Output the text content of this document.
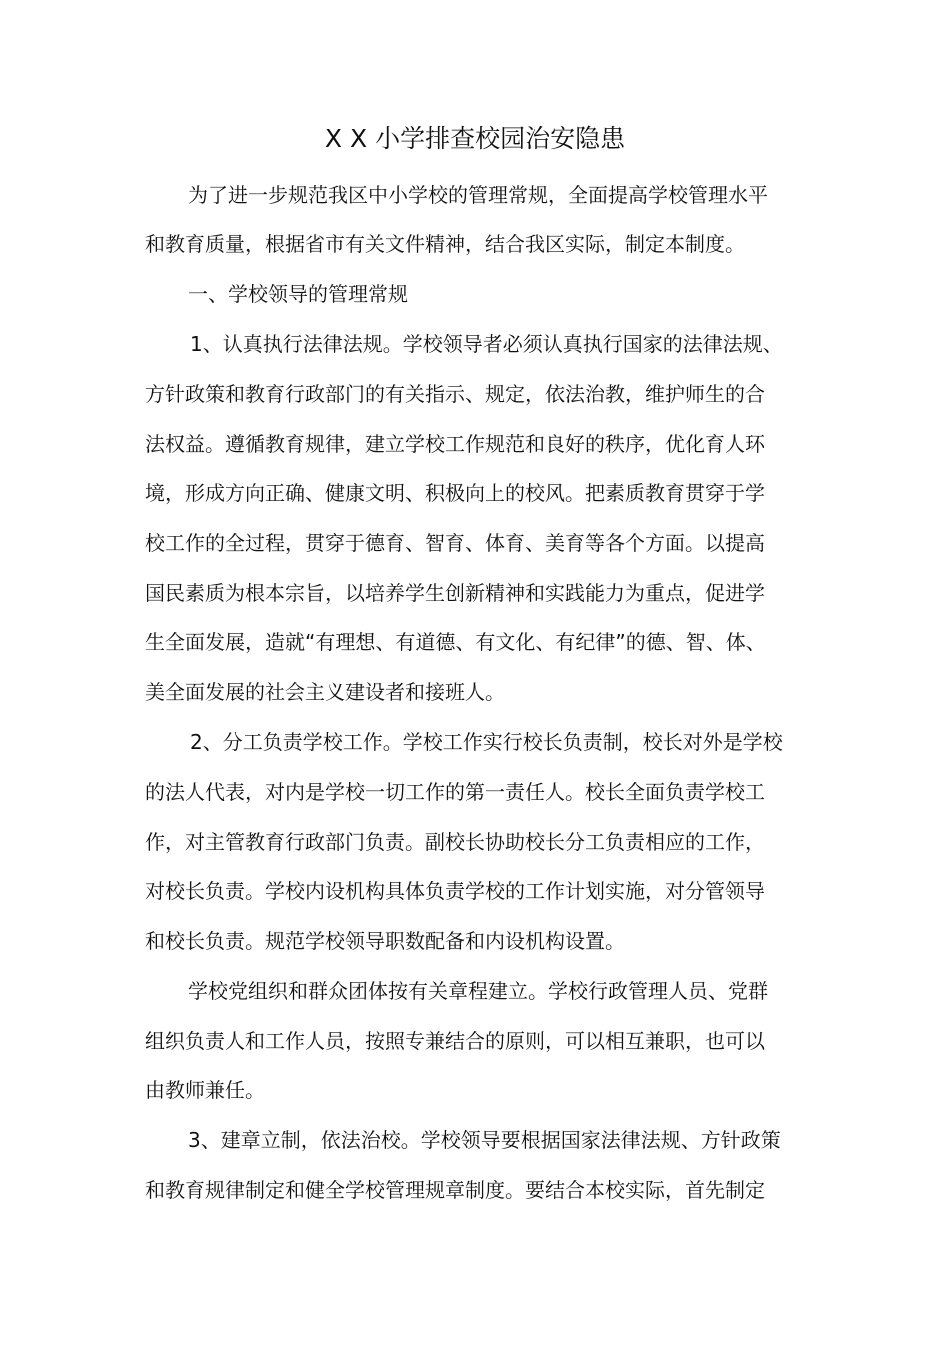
X X 小学排查校园治安隐患
为了进一步规范我区中小学校的管理常规，全面提高学校管理水平
和教育质量，根据省市有关文件精神，结合我区实际，制定本制度。
一、学校领导的管理常规
1、认真执行法律法规。学校领导者必须认真执行国家的法律法规、
方针政策和教育行政部门的有关指示、规定，依法治教，维护师生的合
法权益。遵循教育规律，建立学校工作规范和良好的秩序，优化育人环
境，形成方向正确、健康文明、积极向上的校风。把素质教育贯穿于学
校工作的全过程，贯穿于德育、智育、体育、美育等各个方面。以提高
国民素质为根本宗旨，以培养学生创新精神和实践能力为重点，促进学
生全面发展，造就“有理想、有道德、有文化、有纪律”的德、智、体、
美全面发展的社会主义建设者和接班人。
2、分工负责学校工作。学校工作实行校长负责制，校长对外是学校
的法人代表，对内是学校一切工作的第一责任人。校长全面负责学校工
作，对主管教育行政部门负责。副校长协助校长分工负责相应的工作，
对校长负责。学校内设机构具体负责学校的工作计划实施，对分管领导
和校长负责。规范学校领导职数配备和内设机构设置。
学校党组织和群众团体按有关章程建立。学校行政管理人员、党群
组织负责人和工作人员，按照专兼结合的原则，可以相互兼职，也可以
由教师兼任。
3、建章立制，依法治校。学校领导要根据国家法律法规、方针政策
和教育规律制定和健全学校管理规章制度。要结合本校实际，首先制定
